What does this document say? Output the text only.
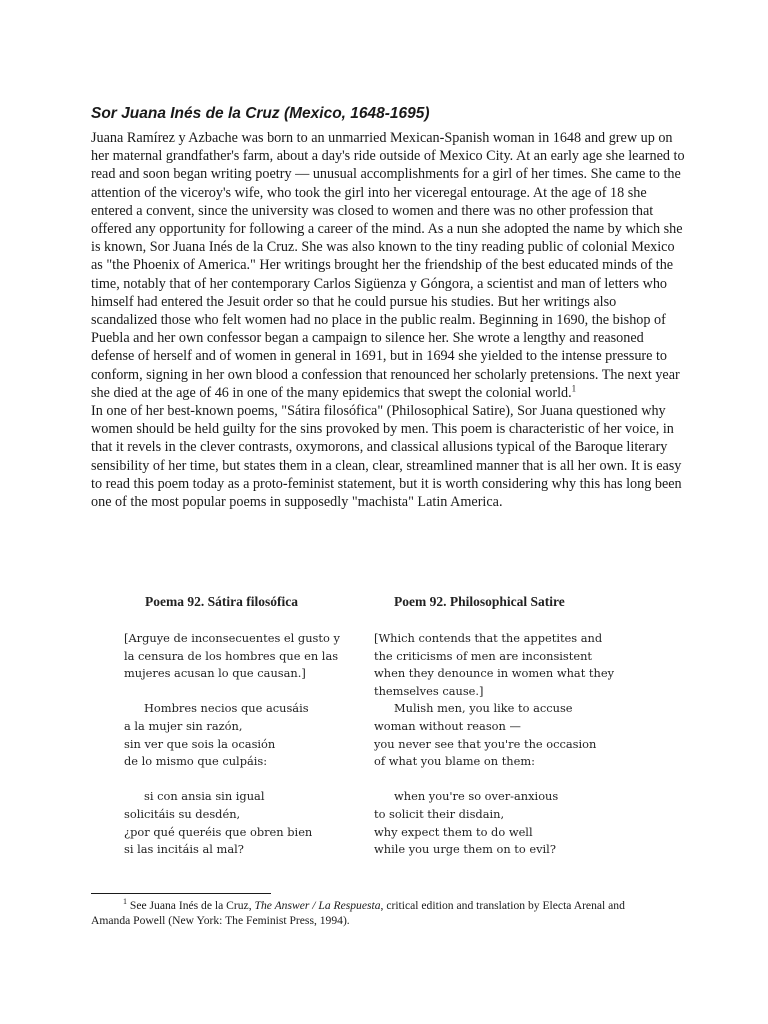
Sor Juana Inés de la Cruz (Mexico, 1648-1695)

Juana Ramírez y Azbache was born to an unmarried Mexican-Spanish woman in 1648 and grew up on her maternal grandfather's farm, about a day's ride outside of Mexico City. At an early age she learned to read and soon began writing poetry — unusual accomplishments for a girl of her times. She came to the attention of the viceroy's wife, who took the girl into her viceregal entourage. At the age of 18 she entered a convent, since the university was closed to women and there was no other profession that offered any opportunity for following a career of the mind. As a nun she adopted the name by which she is known, Sor Juana Inés de la Cruz. She was also known to the tiny reading public of colonial Mexico as "the Phoenix of America." Her writings brought her the friendship of the best educated minds of the time, notably that of her contemporary Carlos Sigüenza y Góngora, a scientist and man of letters who himself had entered the Jesuit order so that he could pursue his studies. But her writings also scandalized those who felt women had no place in the public realm. Beginning in 1690, the bishop of Puebla and her own confessor began a campaign to silence her. She wrote a lengthy and reasoned defense of herself and of women in general in 1691, but in 1694 she yielded to the intense pressure to conform, signing in her own blood a confession that renounced her scholarly pretensions. The next year she died at the age of 46 in one of the many epidemics that swept the colonial world.$^1$
In one of her best-known poems, "Sátira filosófica" (Philosophical Satire), Sor Juana questioned why women should be held guilty for the sins provoked by men. This poem is characteristic of her voice, in that it revels in the clever contrasts, oxymorons, and classical allusions typical of the Baroque literary sensibility of her time, but states them in a clean, clear, streamlined manner that is all her own. It is easy to read this poem today as a proto-feminist statement, but it is worth considering why this has long been one of the most popular poems in supposedly "machista" Latin America.

Poema 92. Sátira filosófica
[Arguye de inconsecuentes el gusto y
la censura de los hombres que en las
mujeres acusan lo que causan.]
Hombres necios que acusáis
a la mujer sin razón,
sin ver que sois la ocasión
de lo mismo que culpáis:
si con ansia sin igual
solicitáis su desdén,
¿por qué queréis que obren bien
si las incitáis al mal?
Poem 92. Philosophical Satire
[Which contends that the appetites and
the criticisms of men are inconsistent
when they denounce in women what they
themselves cause.]
Mulish men, you like to accuse
woman without reason —
you never see that you're the occasion
of what you blame on them:
when you're so over-anxious
to solicit their disdain,
why expect them to do well
while you urge them on to evil?

$^1$ See Juana Inés de la Cruz, The Answer / La Respuesta, critical edition and translation by Electa Arenal and
Amanda Powell (New York: The Feminist Press, 1994).
